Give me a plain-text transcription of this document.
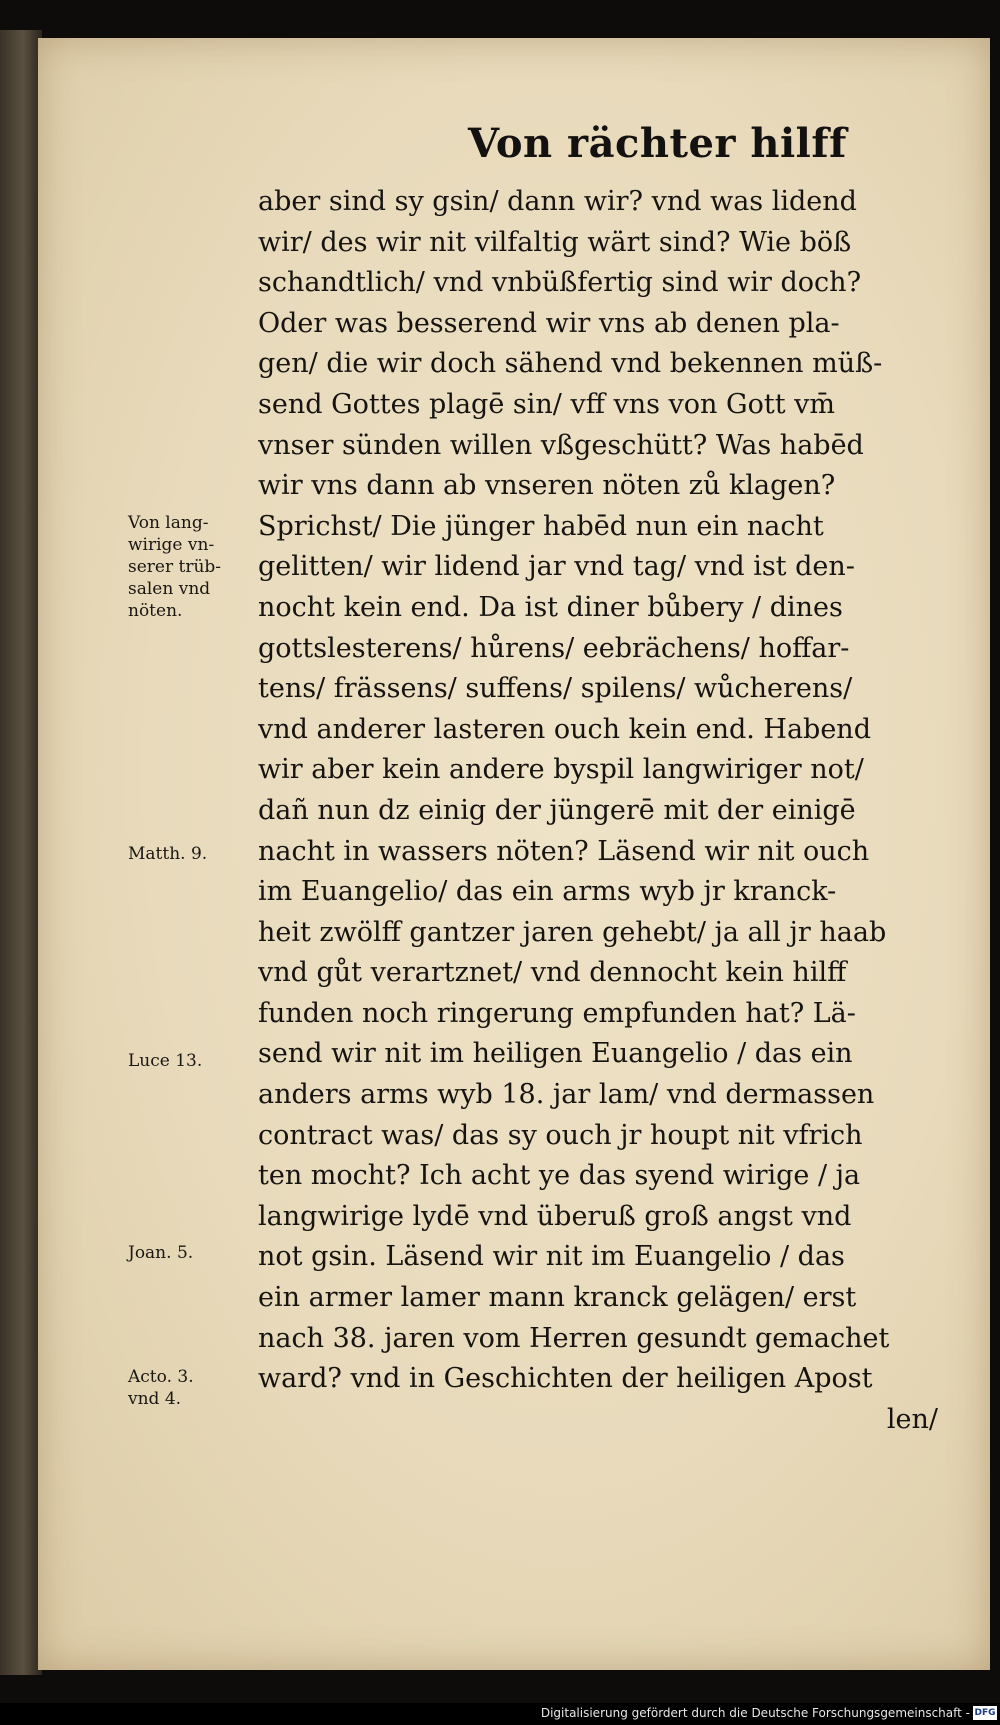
Von rächter hilff
aber sind sy gsin/ dann wir? vnd was lidend
wir/ des wir nit vilfaltig wärt sind? Wie böß
schandtlich/ vnd vnbüßfertig sind wir doch?
Oder was besserend wir vns ab denen pla-
gen/ die wir doch sähend vnd bekennen müß-
send Gottes plagē sin/ vff vns von Gott vm̄
vnser sünden willen vßgeschütt? Was habēd
wir vns dann ab vnseren nöten zů klagen?
Sprichst/ Die jünger habēd nun ein nacht
gelitten/ wir lidend jar vnd tag/ vnd ist den-
nocht kein end. Da ist diner bůbery / dines
gottslesterens/ hůrens/ eebrächens/ hoffar-
tens/ frässens/ suffens/ spilens/ wůcherens/
vnd anderer lasteren ouch kein end. Habend
wir aber kein andere byspil langwiriger not/
dañ nun dz einig der jüngerē mit der einigē
nacht in wassers nöten? Läsend wir nit ouch
im Euangelio/ das ein arms wyb jr kranck-
heit zwölff gantzer jaren gehebt/ ja all jr haab
vnd gůt verartznet/ vnd dennocht kein hilff
funden noch ringerung empfunden hat? Lä-
send wir nit im heiligen Euangelio / das ein
anders arms wyb 18. jar lam/ vnd dermassen
contract was/ das sy ouch jr houpt nit vfrich
ten mocht? Ich acht ye das syend wirige / ja
langwirige lydē vnd überuß groß angst vnd
not gsin. Läsend wir nit im Euangelio / das
ein armer lamer mann kranck gelägen/ erst
nach 38. jaren vom Herren gesundt gemachet
ward? vnd in Geschichten der heiligen Apost
len/
Von lang-
wirige vn-
serer trüb-
salen vnd
nöten.
Matth. 9.
Luce 13.
Joan. 5.
Acto. 3.
vnd 4.
Digitalisierung gefördert durch die Deutsche Forschungsgemeinschaft - DFG
